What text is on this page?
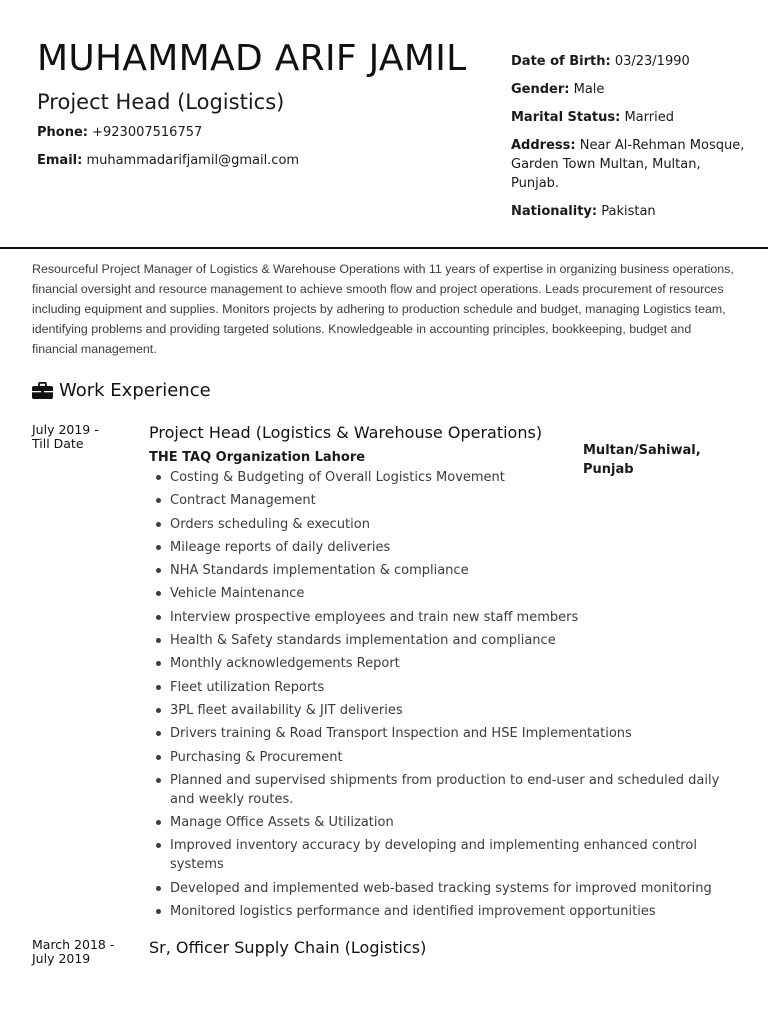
MUHAMMAD ARIF JAMIL
Project Head (Logistics)
Phone: +923007516757
Email: muhammadarifjamil@gmail.com
Date of Birth: 03/23/1990
Gender: Male
Marital Status: Married
Address: Near Al-Rehman Mosque, Garden Town Multan, Multan, Punjab.
Nationality: Pakistan
Resourceful Project Manager of Logistics & Warehouse Operations with 11 years of expertise in organizing business operations, financial oversight and resource management to achieve smooth flow and project operations. Leads procurement of resources including equipment and supplies. Monitors projects by adhering to production schedule and budget, managing Logistics team, identifying problems and providing targeted solutions. Knowledgeable in accounting principles, bookkeeping, budget and financial management.
Work Experience
July 2019 -
Till Date
Project Head (Logistics & Warehouse Operations)
THE TAQ Organization Lahore	Multan/Sahiwal, Punjab
Costing & Budgeting of Overall Logistics Movement
Contract Management
Orders scheduling & execution
Mileage reports of daily deliveries
NHA Standards implementation & compliance
Vehicle Maintenance
Interview prospective employees and train new staff members
Health & Safety standards implementation and compliance
Monthly acknowledgements Report
Fleet utilization Reports
3PL fleet availability & JIT deliveries
Drivers training & Road Transport Inspection and HSE Implementations
Purchasing & Procurement
Planned and supervised shipments from production to end-user and scheduled daily and weekly routes.
Manage Office Assets & Utilization
Improved inventory accuracy by developing and implementing enhanced control systems
Developed and implemented web-based tracking systems for improved monitoring
Monitored logistics performance and identified improvement opportunities
March 2018 -
July 2019
Sr, Officer Supply Chain (Logistics)
